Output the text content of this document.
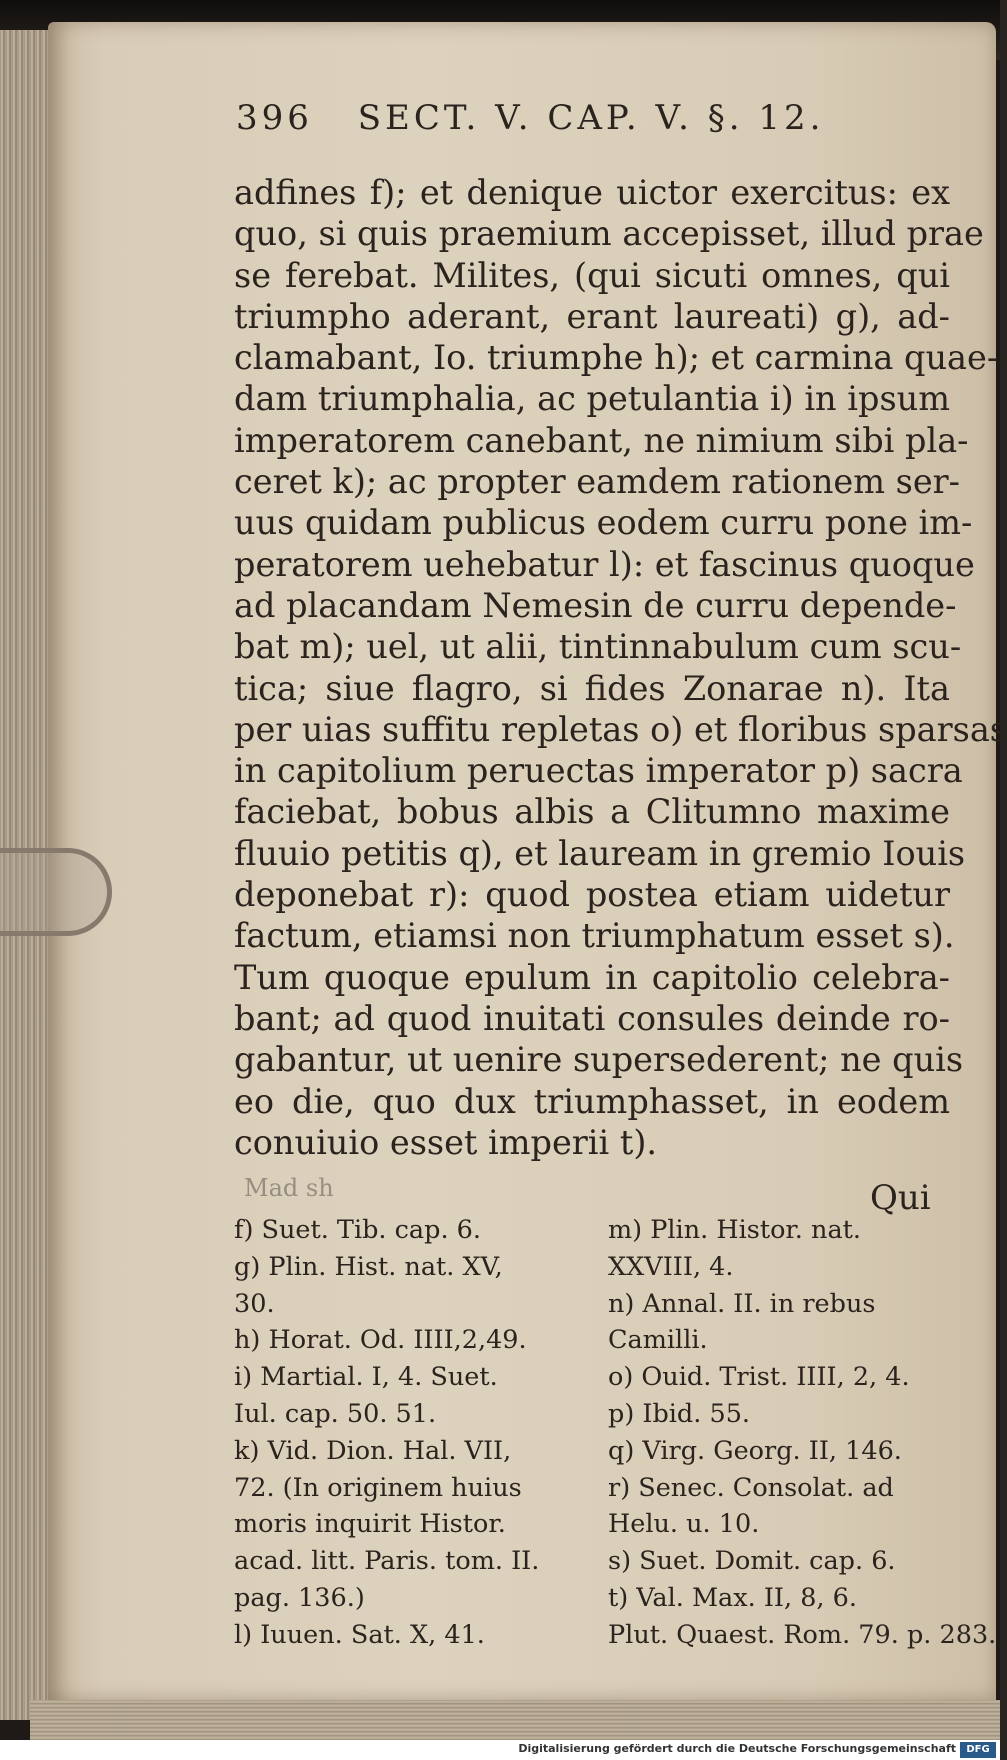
396 SECT. V. CAP. V. §. 12.
adfines f); et denique uictor exercitus: ex
quo, si quis praemium accepisset, illud prae
se ferebat. Milites, (qui sicuti omnes, qui
triumpho aderant, erant laureati) g), ad-
clamabant, Io. triumphe h); et carmina quae-
dam triumphalia, ac petulantia i) in ipsum
imperatorem canebant, ne nimium sibi pla-
ceret k); ac propter eamdem rationem ser-
uus quidam publicus eodem curru pone im-
peratorem uehebatur l): et fascinus quoque
ad placandam Nemesin de curru depende-
bat m); uel, ut alii, tintinnabulum cum scu-
tica; siue flagro, si fides Zonarae n). Ita
per uias suffitu repletas o) et floribus sparsas
in capitolium peruectas imperator p) sacra
faciebat, bobus albis a Clitumno maxime
fluuio petitis q), et lauream in gremio Iouis
deponebat r): quod postea etiam uidetur
factum, etiamsi non triumphatum esset s).
Tum quoque epulum in capitolio celebra-
bant; ad quod inuitati consules deinde ro-
gabantur, ut uenire supersederent; ne quis
eo die, quo dux triumphasset, in eodem
conuiuio esset imperii t).
Mad sh	Qui
f) Suet. Tib. cap. 6.
g) Plin. Hist. nat. XV,
30.
h) Horat. Od. IIII,2,49.
i) Martial. I, 4. Suet.
Iul. cap. 50. 51.
k) Vid. Dion. Hal. VII,
72. (In originem huius
moris inquirit Histor.
acad. litt. Paris. tom. II.
pag. 136.)
l) Iuuen. Sat. X, 41.
m) Plin. Histor. nat.
XXVIII, 4.
n) Annal. II. in rebus
Camilli.
o) Ouid. Trist. IIII, 2, 4.
p) Ibid. 55.
q) Virg. Georg. II, 146.
r) Senec. Consolat. ad
Helu. u. 10.
s) Suet. Domit. cap. 6.
t) Val. Max. II, 8, 6.
Plut. Quaest. Rom. 79. p. 283.
Digitalisierung gefördert durch die Deutsche Forschungsgemeinschaft	DFG
